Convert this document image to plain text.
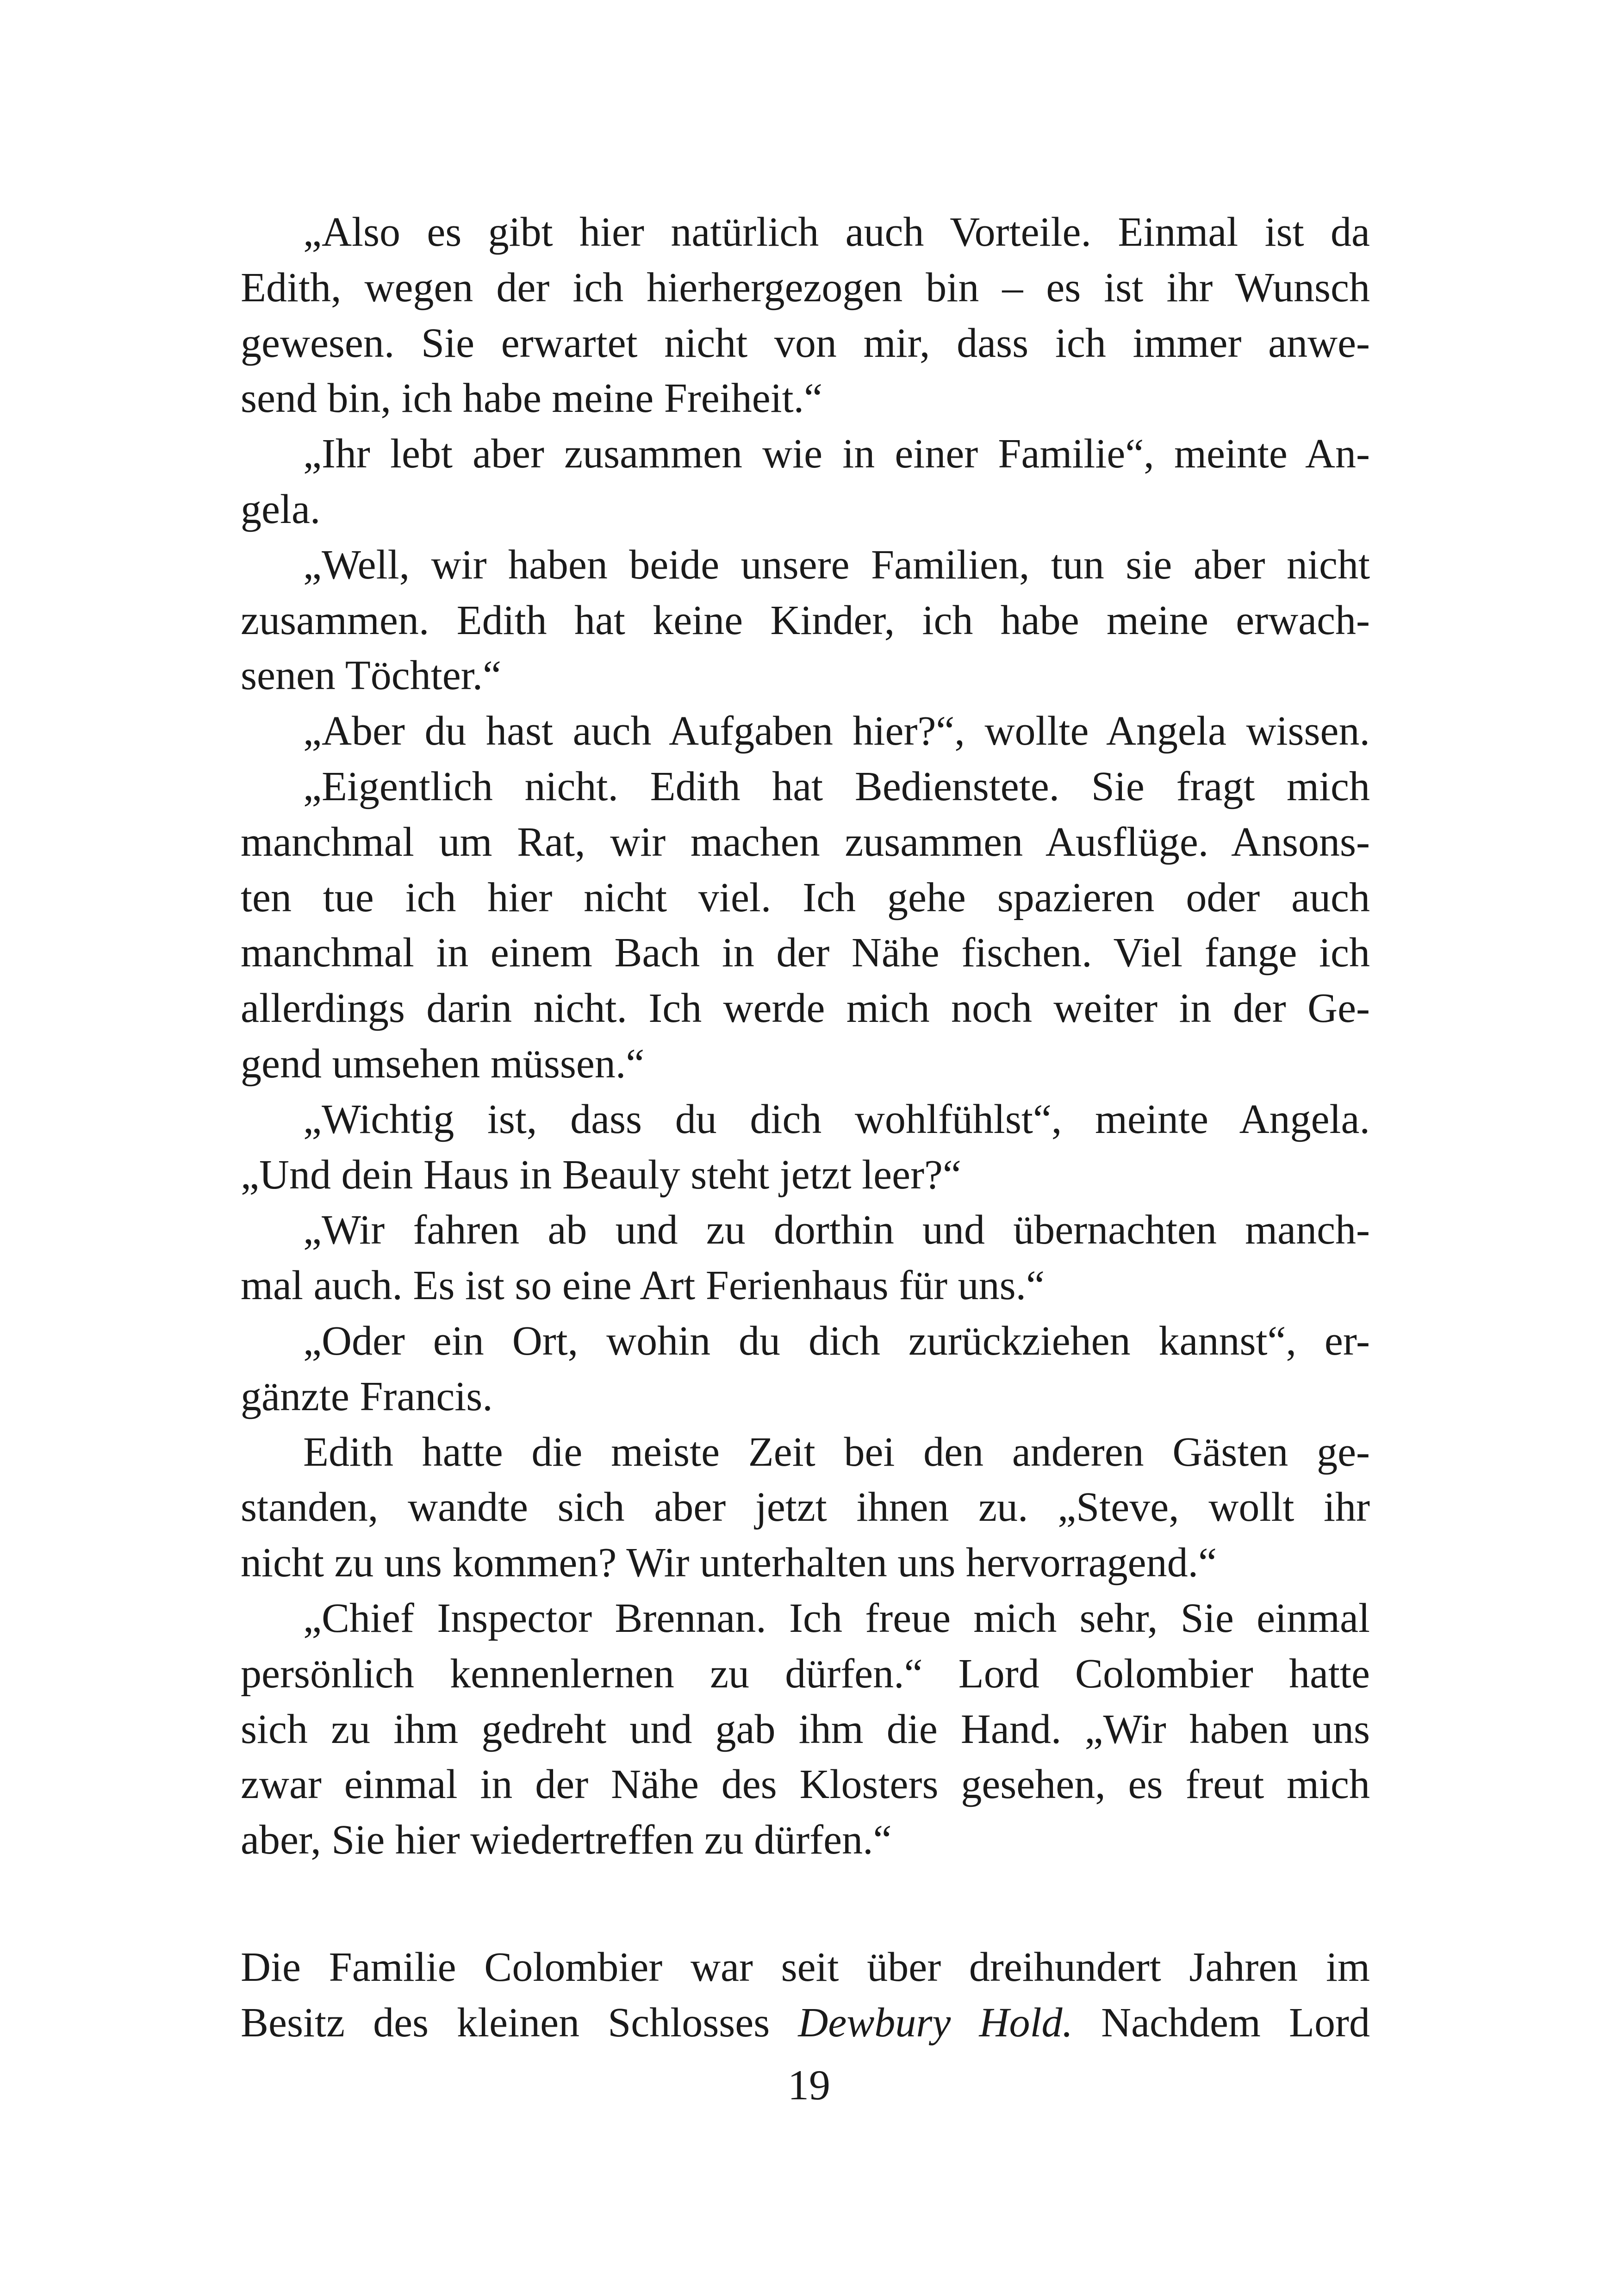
„Also es gibt hier natürlich auch Vorteile. Einmal ist da
Edith, wegen der ich hierhergezogen bin – es ist ihr Wunsch
gewesen. Sie erwartet nicht von mir, dass ich immer anwe-
send bin, ich habe meine Freiheit.“
„Ihr lebt aber zusammen wie in einer Familie“, meinte An-
gela.
„Well, wir haben beide unsere Familien, tun sie aber nicht
zusammen. Edith hat keine Kinder, ich habe meine erwach-
senen Töchter.“
„Aber du hast auch Aufgaben hier?“, wollte Angela wissen.
„Eigentlich nicht. Edith hat Bedienstete. Sie fragt mich
manchmal um Rat, wir machen zusammen Ausflüge. Ansons-
ten tue ich hier nicht viel. Ich gehe spazieren oder auch
manchmal in einem Bach in der Nähe fischen. Viel fange ich
allerdings darin nicht. Ich werde mich noch weiter in der Ge-
gend umsehen müssen.“
„Wichtig ist, dass du dich wohlfühlst“, meinte Angela.
„Und dein Haus in Beauly steht jetzt leer?“
„Wir fahren ab und zu dorthin und übernachten manch-
mal auch. Es ist so eine Art Ferienhaus für uns.“
„Oder ein Ort, wohin du dich zurückziehen kannst“, er-
gänzte Francis.
Edith hatte die meiste Zeit bei den anderen Gästen ge-
standen, wandte sich aber jetzt ihnen zu. „Steve, wollt ihr
nicht zu uns kommen? Wir unterhalten uns hervorragend.“
„Chief Inspector Brennan. Ich freue mich sehr, Sie einmal
persönlich kennenlernen zu dürfen.“ Lord Colombier hatte
sich zu ihm gedreht und gab ihm die Hand. „Wir haben uns
zwar einmal in der Nähe des Klosters gesehen, es freut mich
aber, Sie hier wiedertreffen zu dürfen.“
Die Familie Colombier war seit über dreihundert Jahren im
Besitz des kleinen Schlosses Dewbury Hold. Nachdem Lord
19
